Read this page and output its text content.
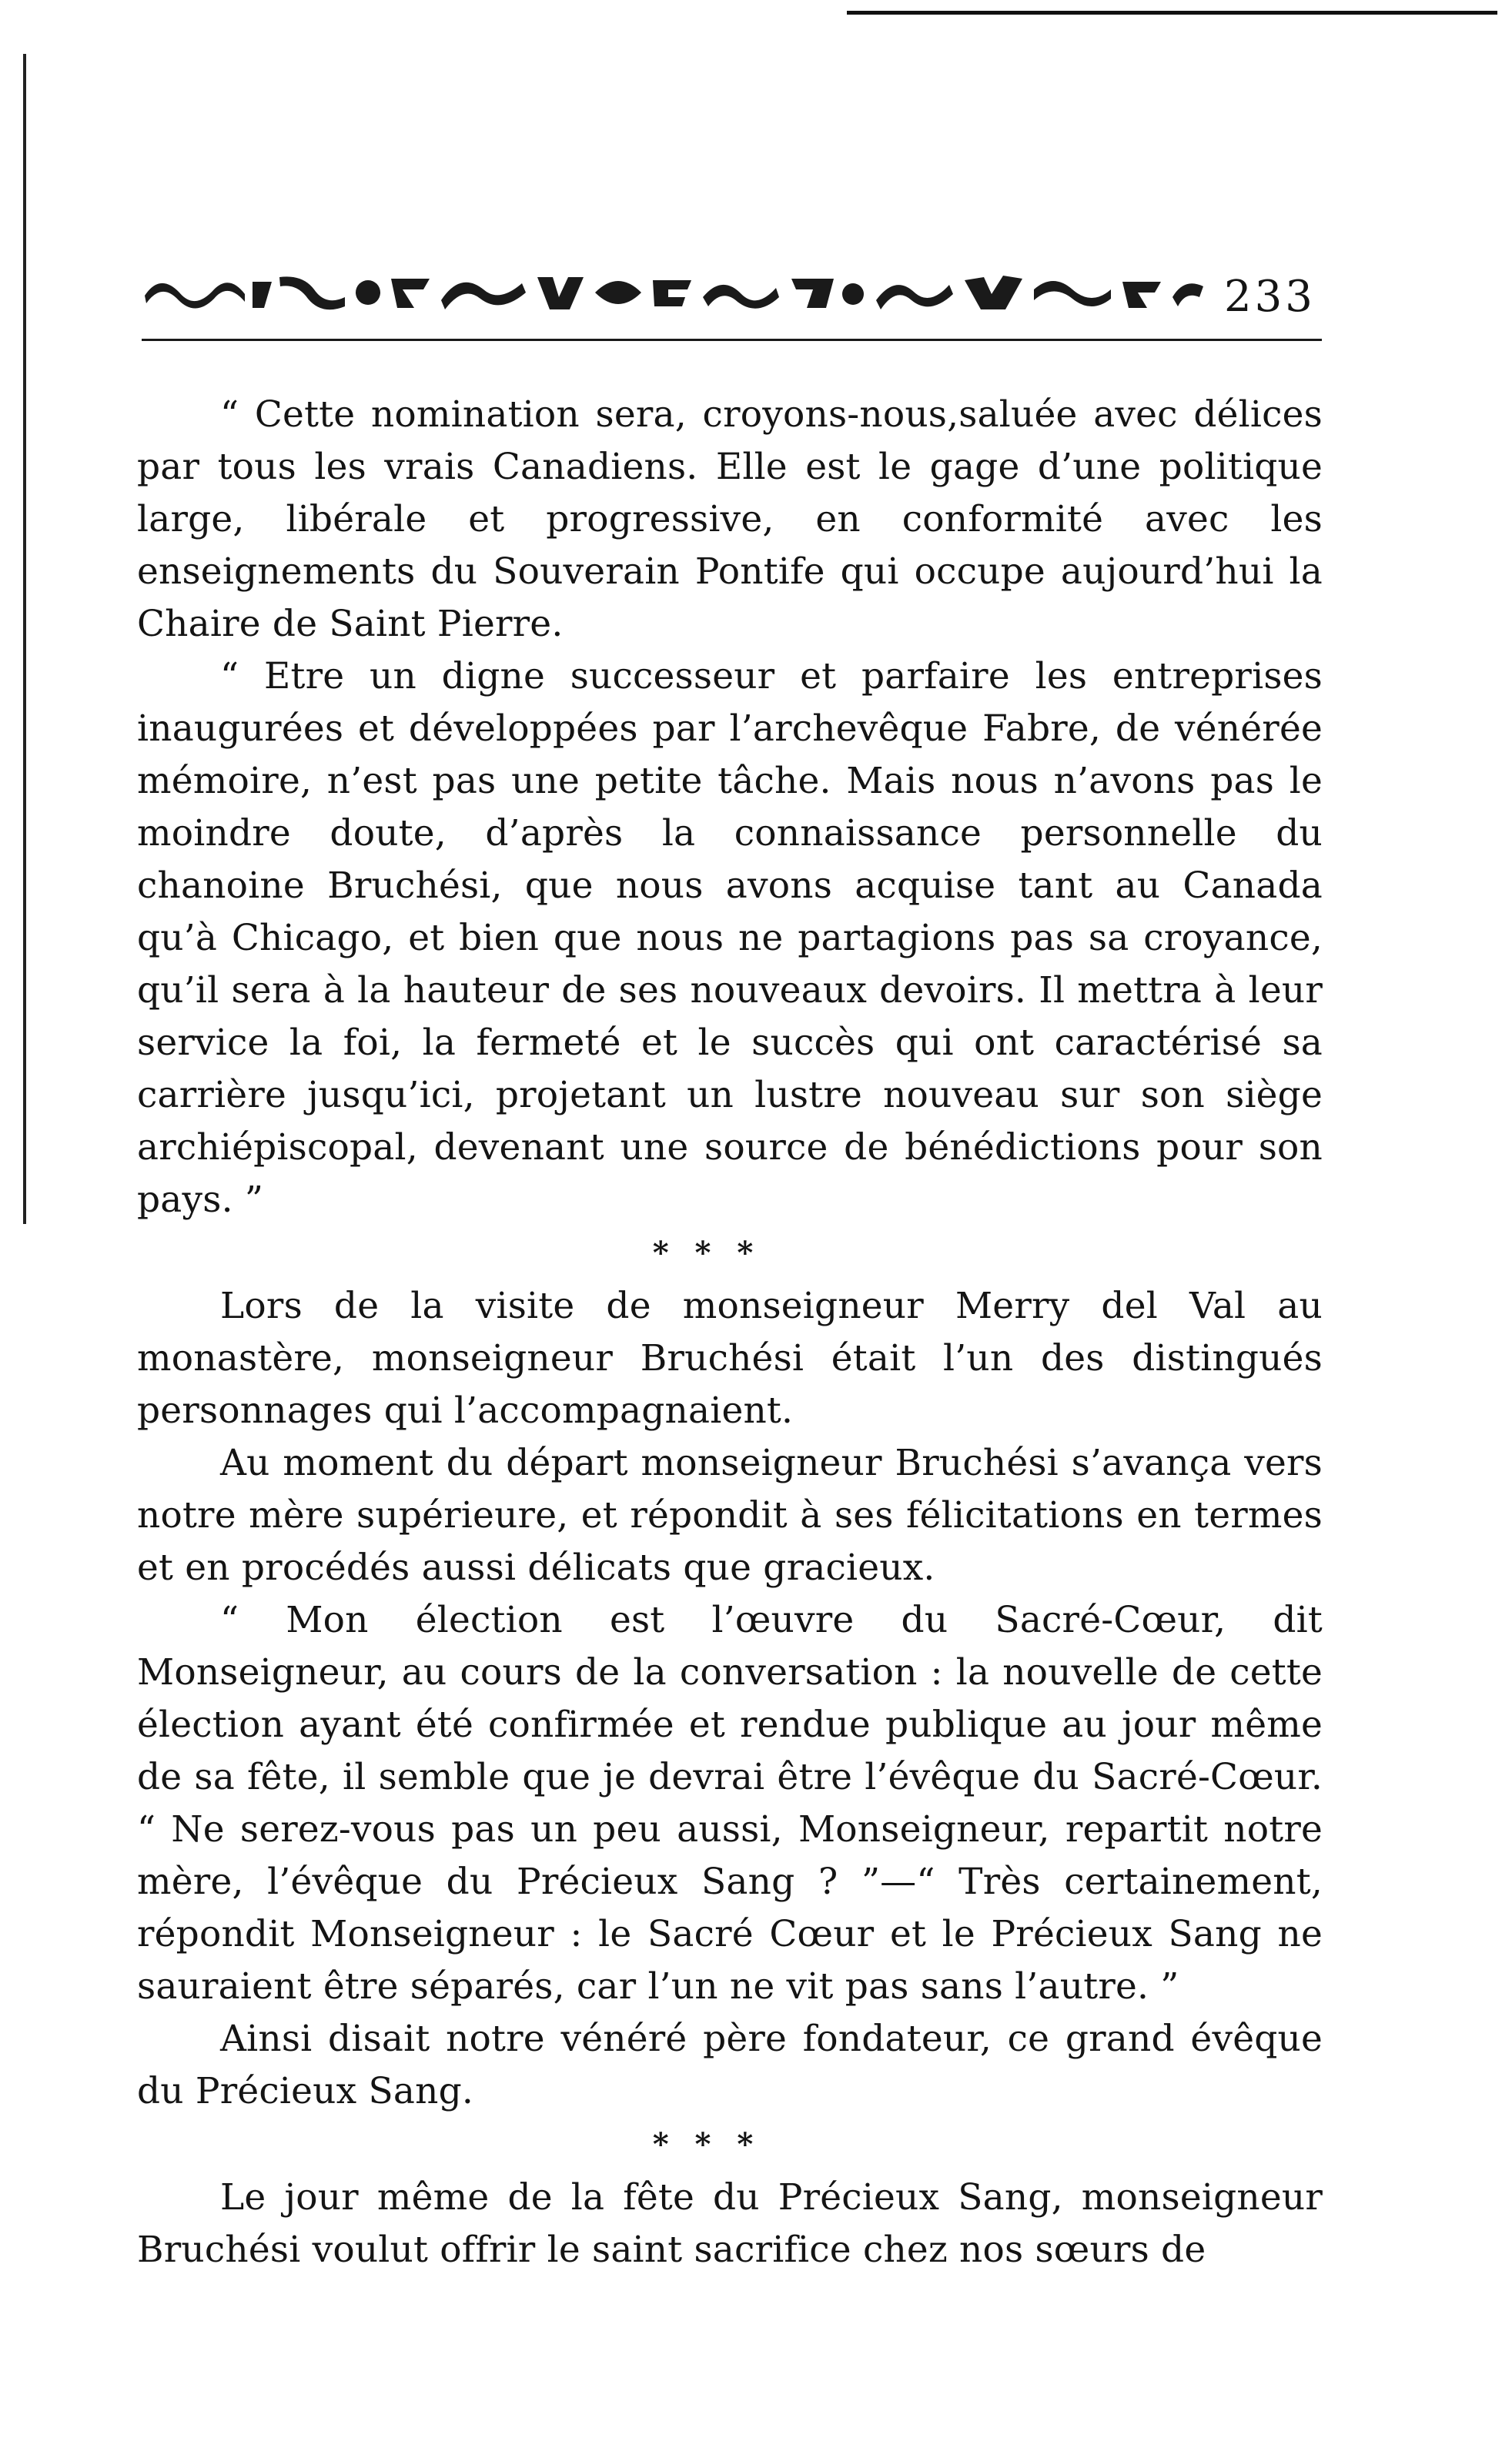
233

“ Cette nomination sera, croyons-nous,saluée avec délices par tous les vrais Canadiens. Elle est le gage d’une politique large, libérale et progressive, en conformité avec les enseignements du Souverain Pontife qui occupe aujourd’hui la Chaire de Saint Pierre.

“ Etre un digne successeur et parfaire les entreprises inaugurées et développées par l’archevêque Fabre, de vénérée mémoire, n’est pas une petite tâche. Mais nous n’avons pas le moindre doute, d’après la connaissance personnelle du chanoine Bruchési, que nous avons acquise tant au Canada qu’à Chicago, et bien que nous ne partagions pas sa croyance, qu’il sera à la hauteur de ses nouveaux devoirs. Il mettra à leur service la foi, la fermeté et le succès qui ont caractérisé sa carrière jusqu’ici, projetant un lustre nouveau sur son siège archiépiscopal, devenant une source de bénédictions pour son pays. ”

* * *

Lors de la visite de monseigneur Merry del Val au monastère, monseigneur Bruchési était l’un des distingués personnages qui l’accompagnaient.

Au moment du départ monseigneur Bruchési s’avança vers notre mère supérieure, et répondit à ses félicitations en termes et en procédés aussi délicats que gracieux.

“ Mon élection est l’œuvre du Sacré-Cœur, dit Monseigneur, au cours de la conversation : la nouvelle de cette élection ayant été confirmée et rendue publique au jour même de sa fête, il semble que je devrai être l’évêque du Sacré-Cœur. “ Ne serez-vous pas un peu aussi, Monseigneur, repartit notre mère, l’évêque du Précieux Sang ? ”—“ Très certainement, répondit Monseigneur : le Sacré Cœur et le Précieux Sang ne sauraient être séparés, car l’un ne vit pas sans l’autre. ”

Ainsi disait notre vénéré père fondateur, ce grand évêque du Précieux Sang.

* * *

Le jour même de la fête du Précieux Sang, monseigneur Bruchési voulut offrir le saint sacrifice chez nos sœurs de
